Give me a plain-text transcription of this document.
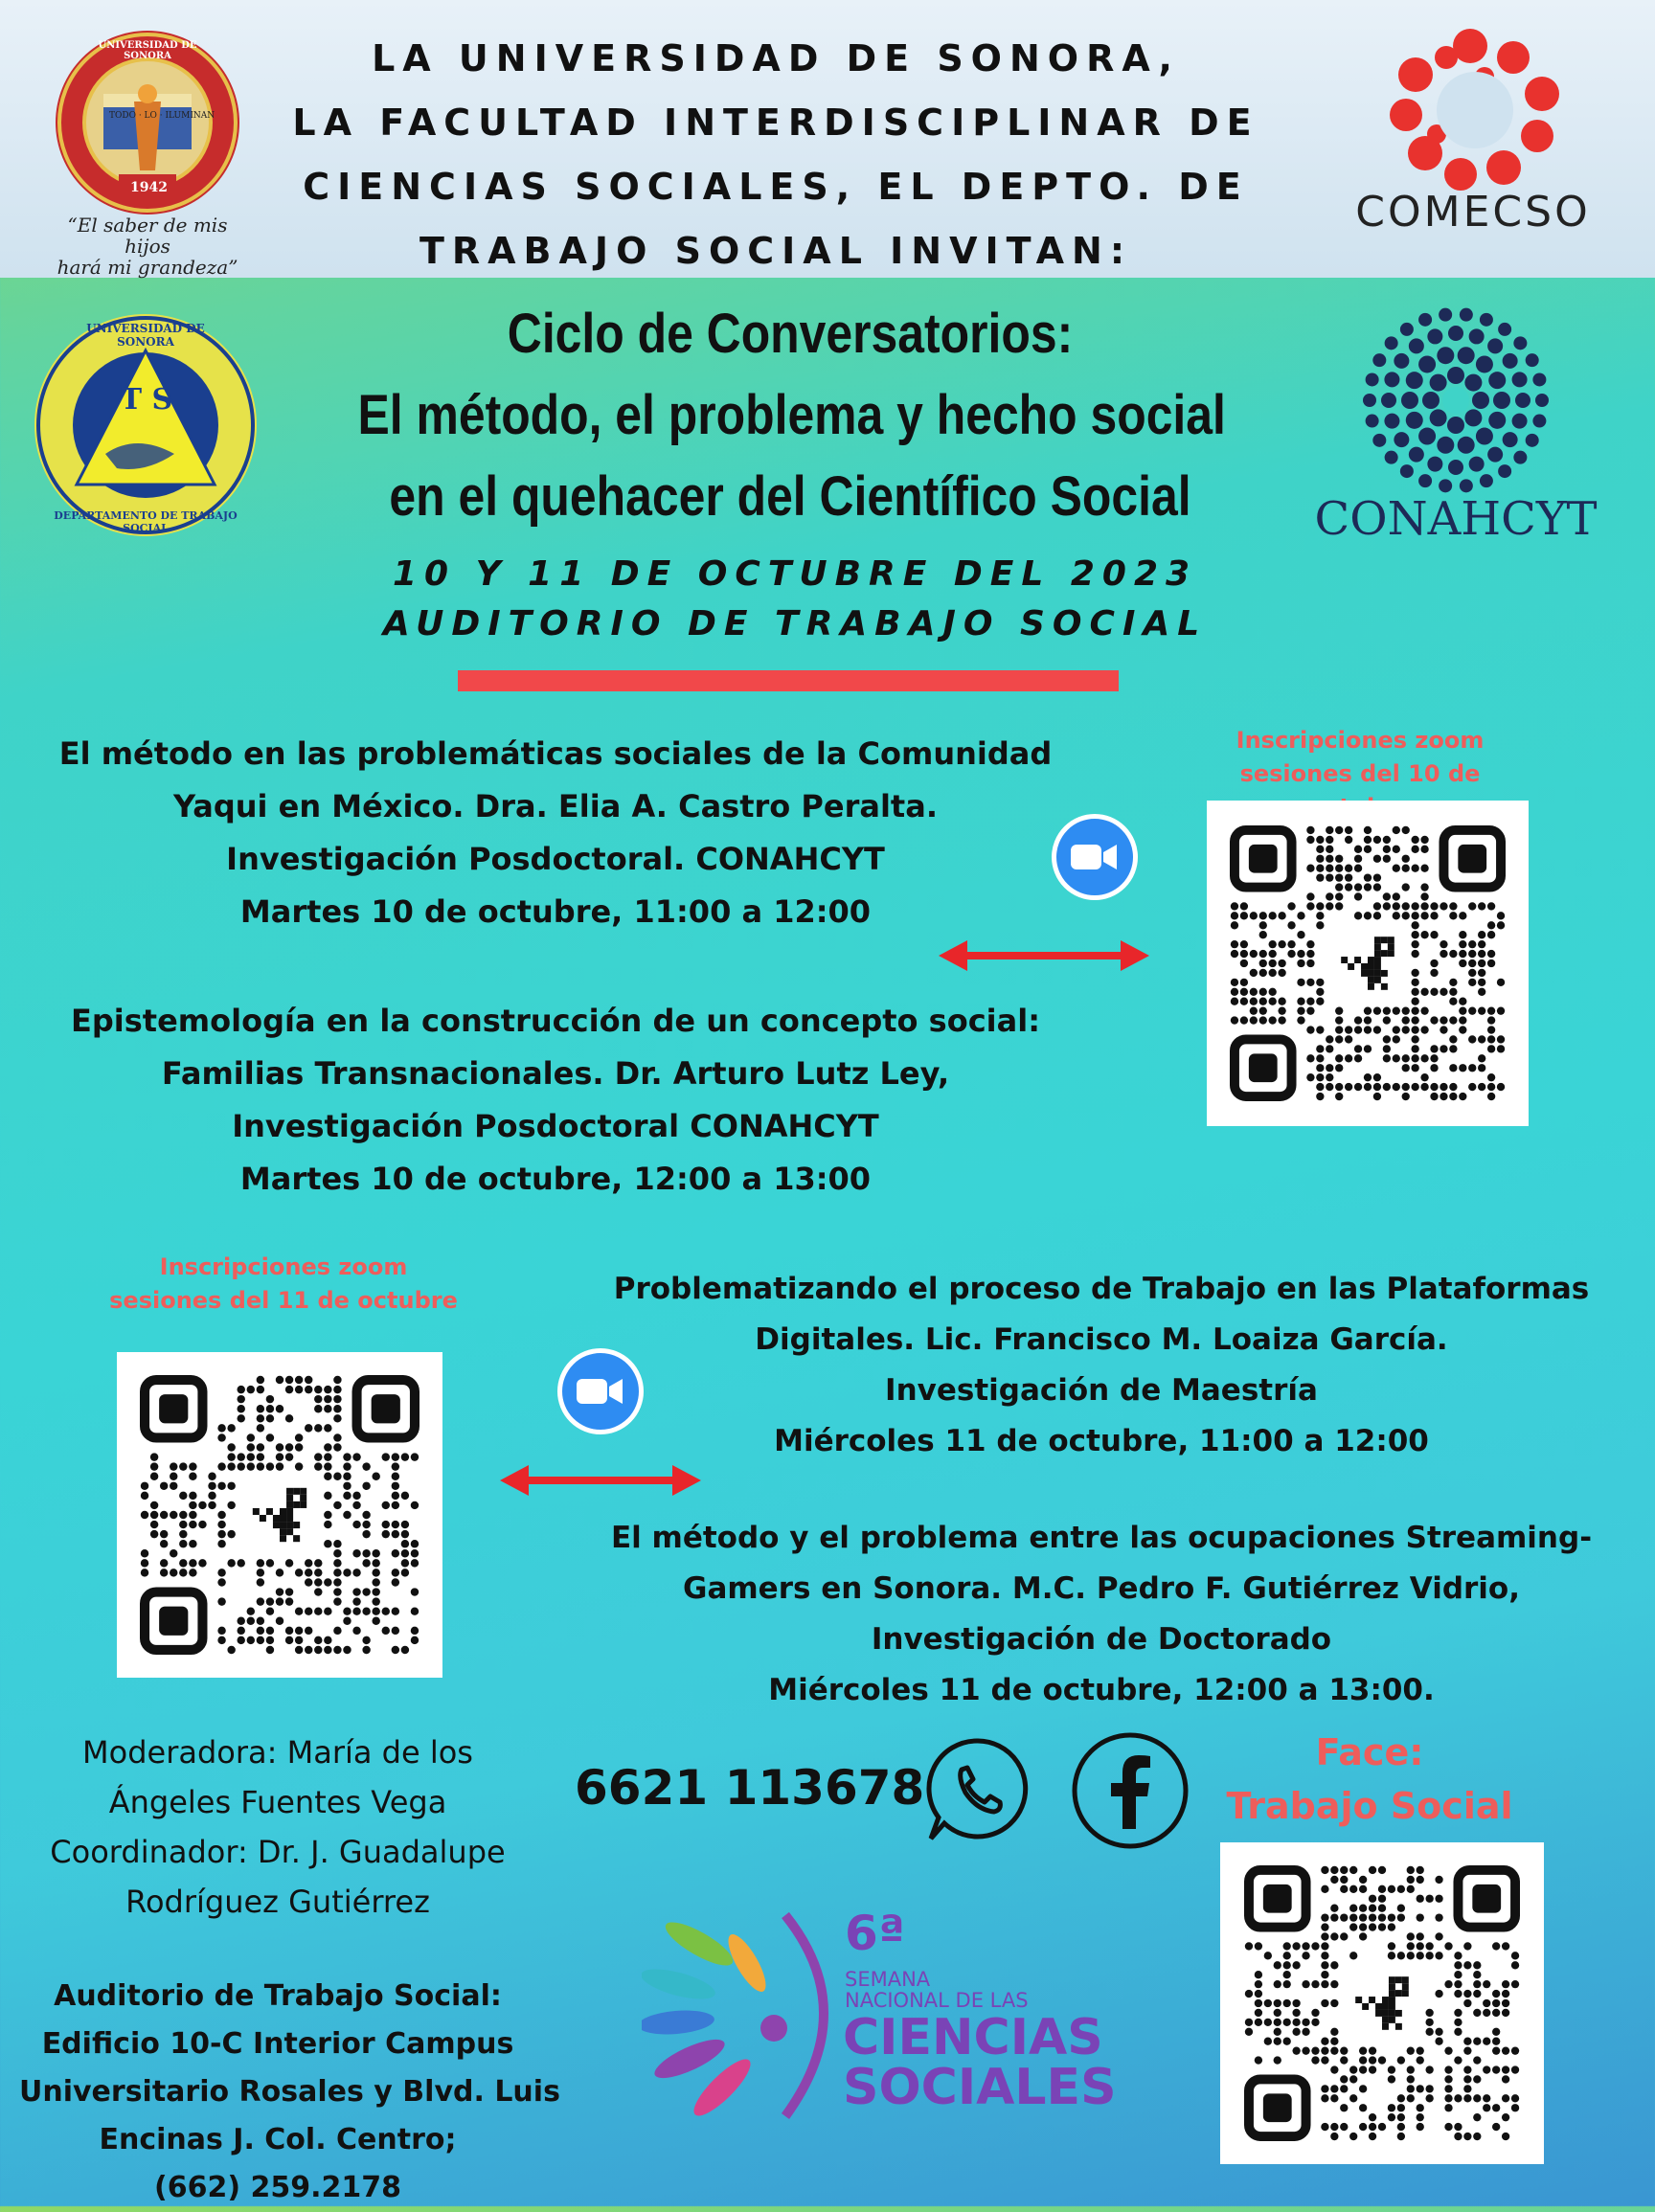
1942
TODO · LO · ILUMINAN
UNIVERSIDAD DE SONORA
“El saber de mis hijos
hará mi grandeza”
LA UNIVERSIDAD DE SONORA,
LA FACULTAD INTERDISCIPLINAR DE
CIENCIAS SOCIALES, EL DEPTO. DE
TRABAJO SOCIAL INVITAN:
COMECSO
T S
UNIVERSIDAD DE SONORA
DEPARTAMENTO DE TRABAJO SOCIAL
Ciclo de Conversatorios:
El método, el problema y hecho social
en el quehacer del Científico Social	CONAHCYT
10 Y 11 DE OCTUBRE DEL 2023
AUDITORIO DE TRABAJO SOCIAL
El método en las problemáticas sociales de la Comunidad
Yaqui en México. Dra. Elia A. Castro Peralta.
Investigación Posdoctoral. CONAHCYT
Martes 10 de octubre, 11:00 a 12:00
Epistemología en la construcción de un concepto social:
Familias Transnacionales. Dr. Arturo Lutz Ley,
Investigación Posdoctoral CONAHCYT
Martes 10 de octubre, 12:00 a 13:00
Inscripciones zoom
sesiones del 10 de
Inscripciones zoom
sesiones del 11 de octubre	Problematizando el proceso de Trabajo en las Plataformas
Digitales. Lic. Francisco M. Loaiza García.
Investigación de Maestría
Miércoles 11 de octubre, 11:00 a 12:00
El método y el problema entre las ocupaciones Streaming-
Gamers en Sonora. M.C. Pedro F. Gutiérrez Vidrio,
Investigación de Doctorado
Miércoles 11 de octubre, 12:00 a 13:00.
Moderadora: María de los
Ángeles Fuentes Vega
Coordinador: Dr. J. Guadalupe
Rodríguez Gutiérrez
Auditorio de Trabajo Social:
Edificio 10-C Interior Campus
Universitario Rosales y Blvd. Luis
Encinas J. Col. Centro;
(662) 259.2178
6621 113678
Face:
Trabajo Social
6ª
SEMANA
NACIONAL DE LAS
CIENCIAS
SOCIALES
